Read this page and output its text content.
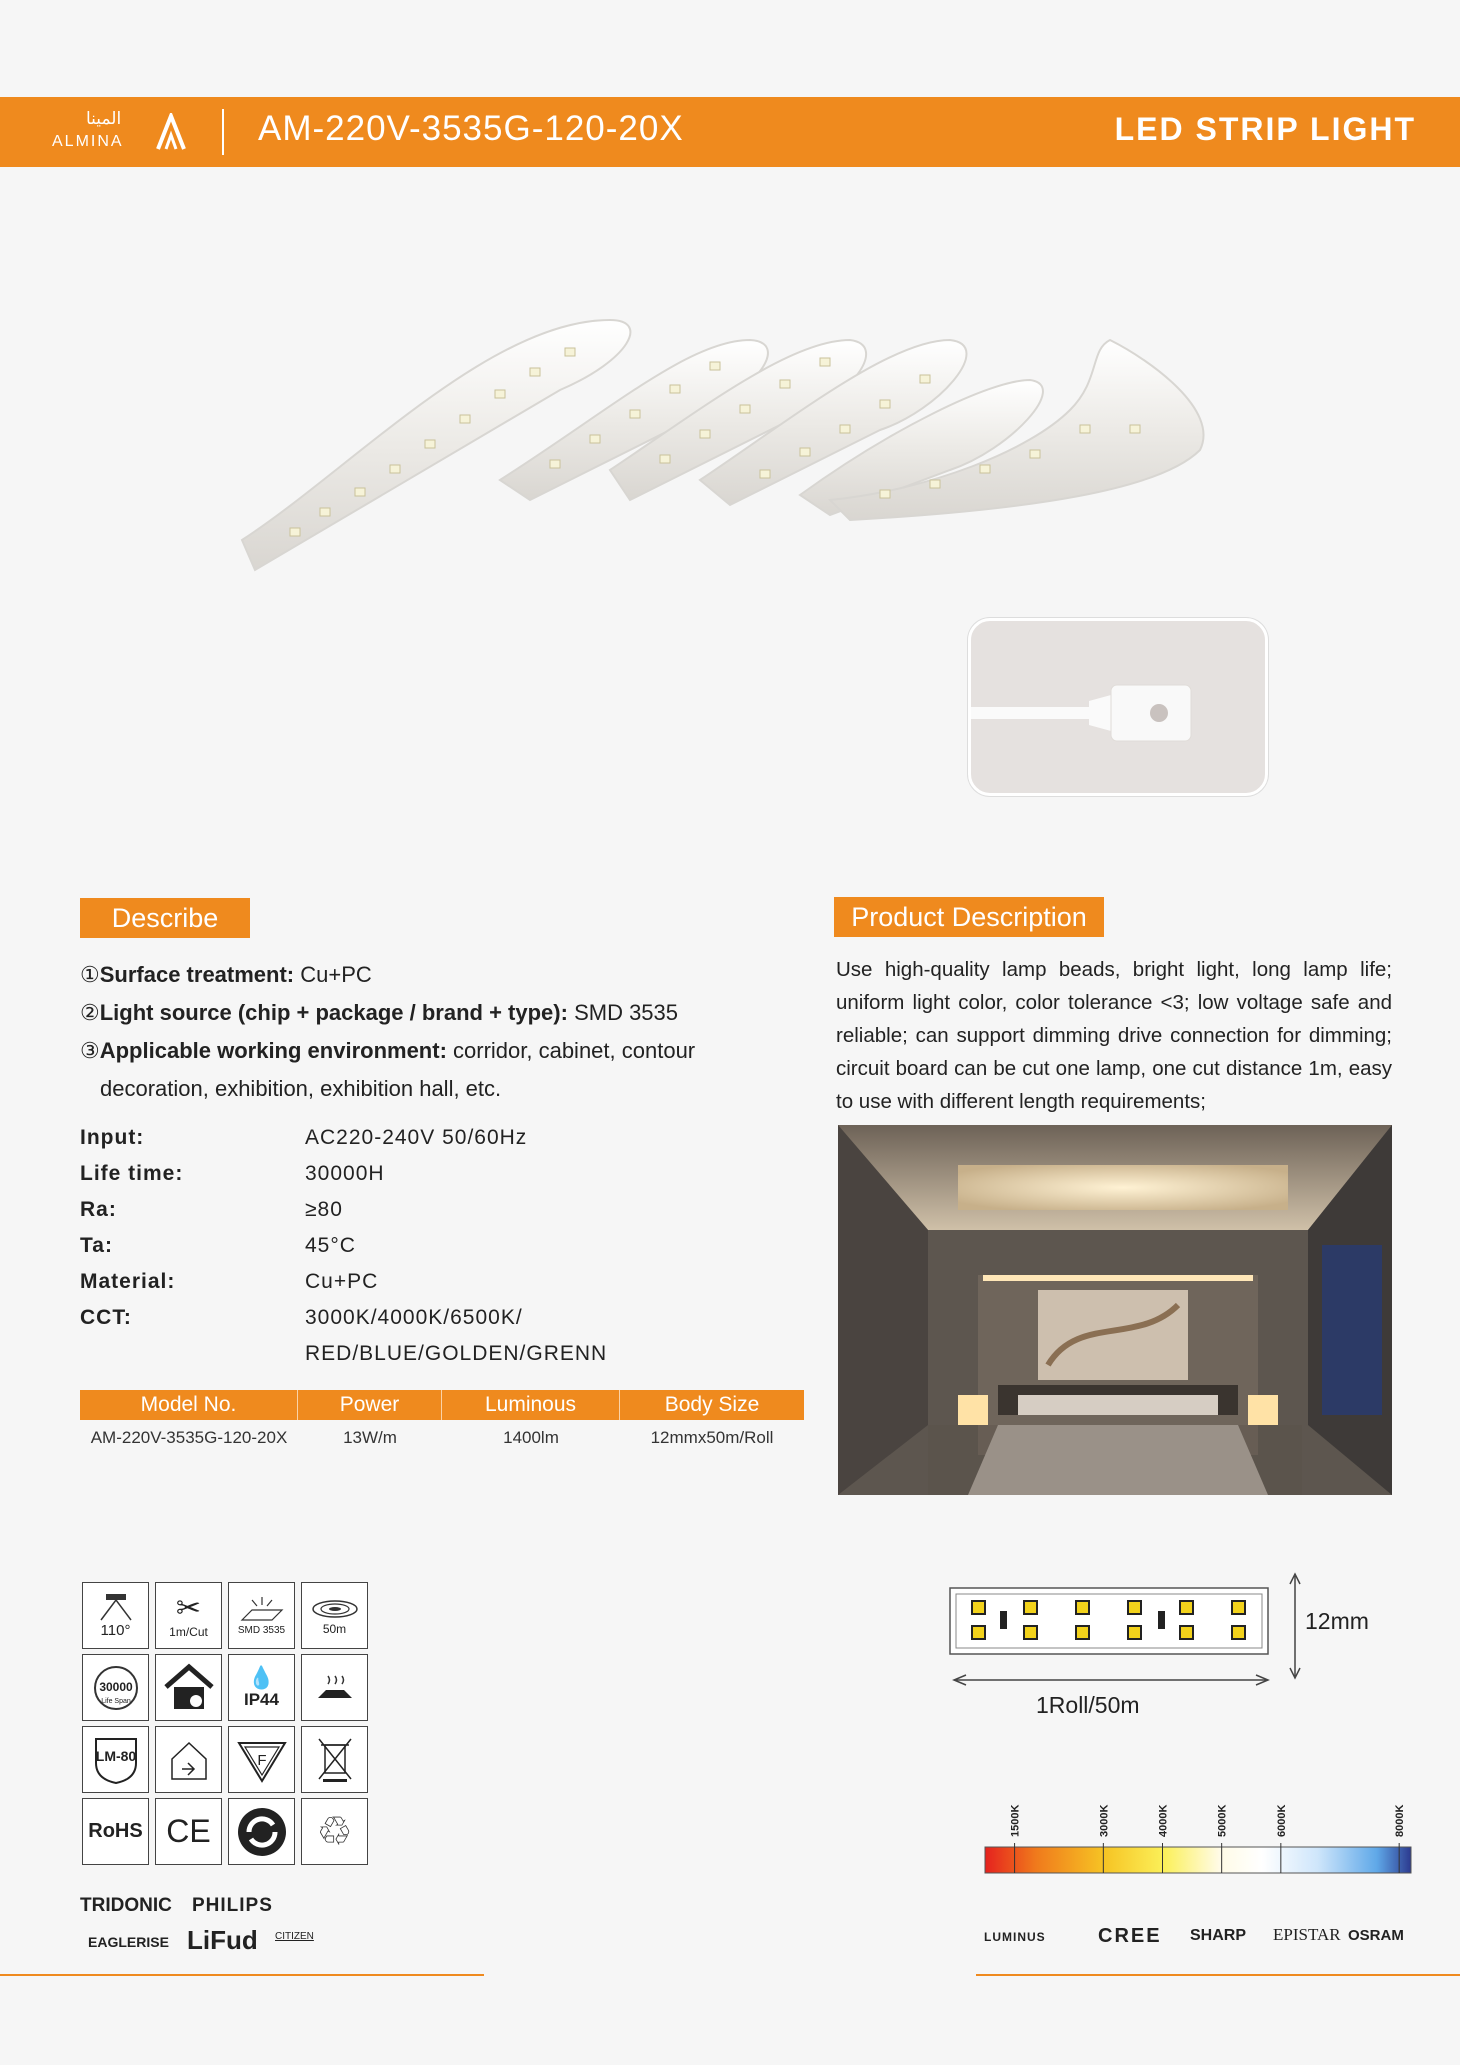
المينا
ALMINA	AM-220V-3535G-120-20X	LED STRIP LIGHT
Describe
①Surface treatment: Cu+PC
②Light source (chip + package / brand + type): SMD 3535
③Applicable working environment: corridor, cabinet, contour
decoration, exhibition, exhibition hall, etc.
Input:	AC220-240V 50/60Hz
Life time:	30000H
Ra:	≥80
Ta:	45°C
Material:	Cu+PC
CCT:	3000K/4000K/6500K/
RED/BLUE/GOLDEN/GRENN
Model No.	Power	Luminous	Body Size
AM-220V-3535G-120-20X	13W/m	1400lm	12mmx50m/Roll
Product Description
Use high-quality lamp beads, bright light, long lamp life; uniform light color, color tolerance <3; low voltage safe and reliable; can support dimming drive connection for dimming; circuit board can be cut one lamp, one cut distance 1m, easy to use with different length requirements;
110°
✂
1m/Cut	SMD 3535	50m
30000
Life Span
💧
IP44
LM-80	F
RoHS CE	♲
TRIDONIC PHILIPS
EAGLERISE LiFud CITIZEN
12mm
1Roll/50m
1500K	3000K	4000K	5000K	6000K	8000K
LUMINUS	CREE SHARP EPISTAR OSRAM
